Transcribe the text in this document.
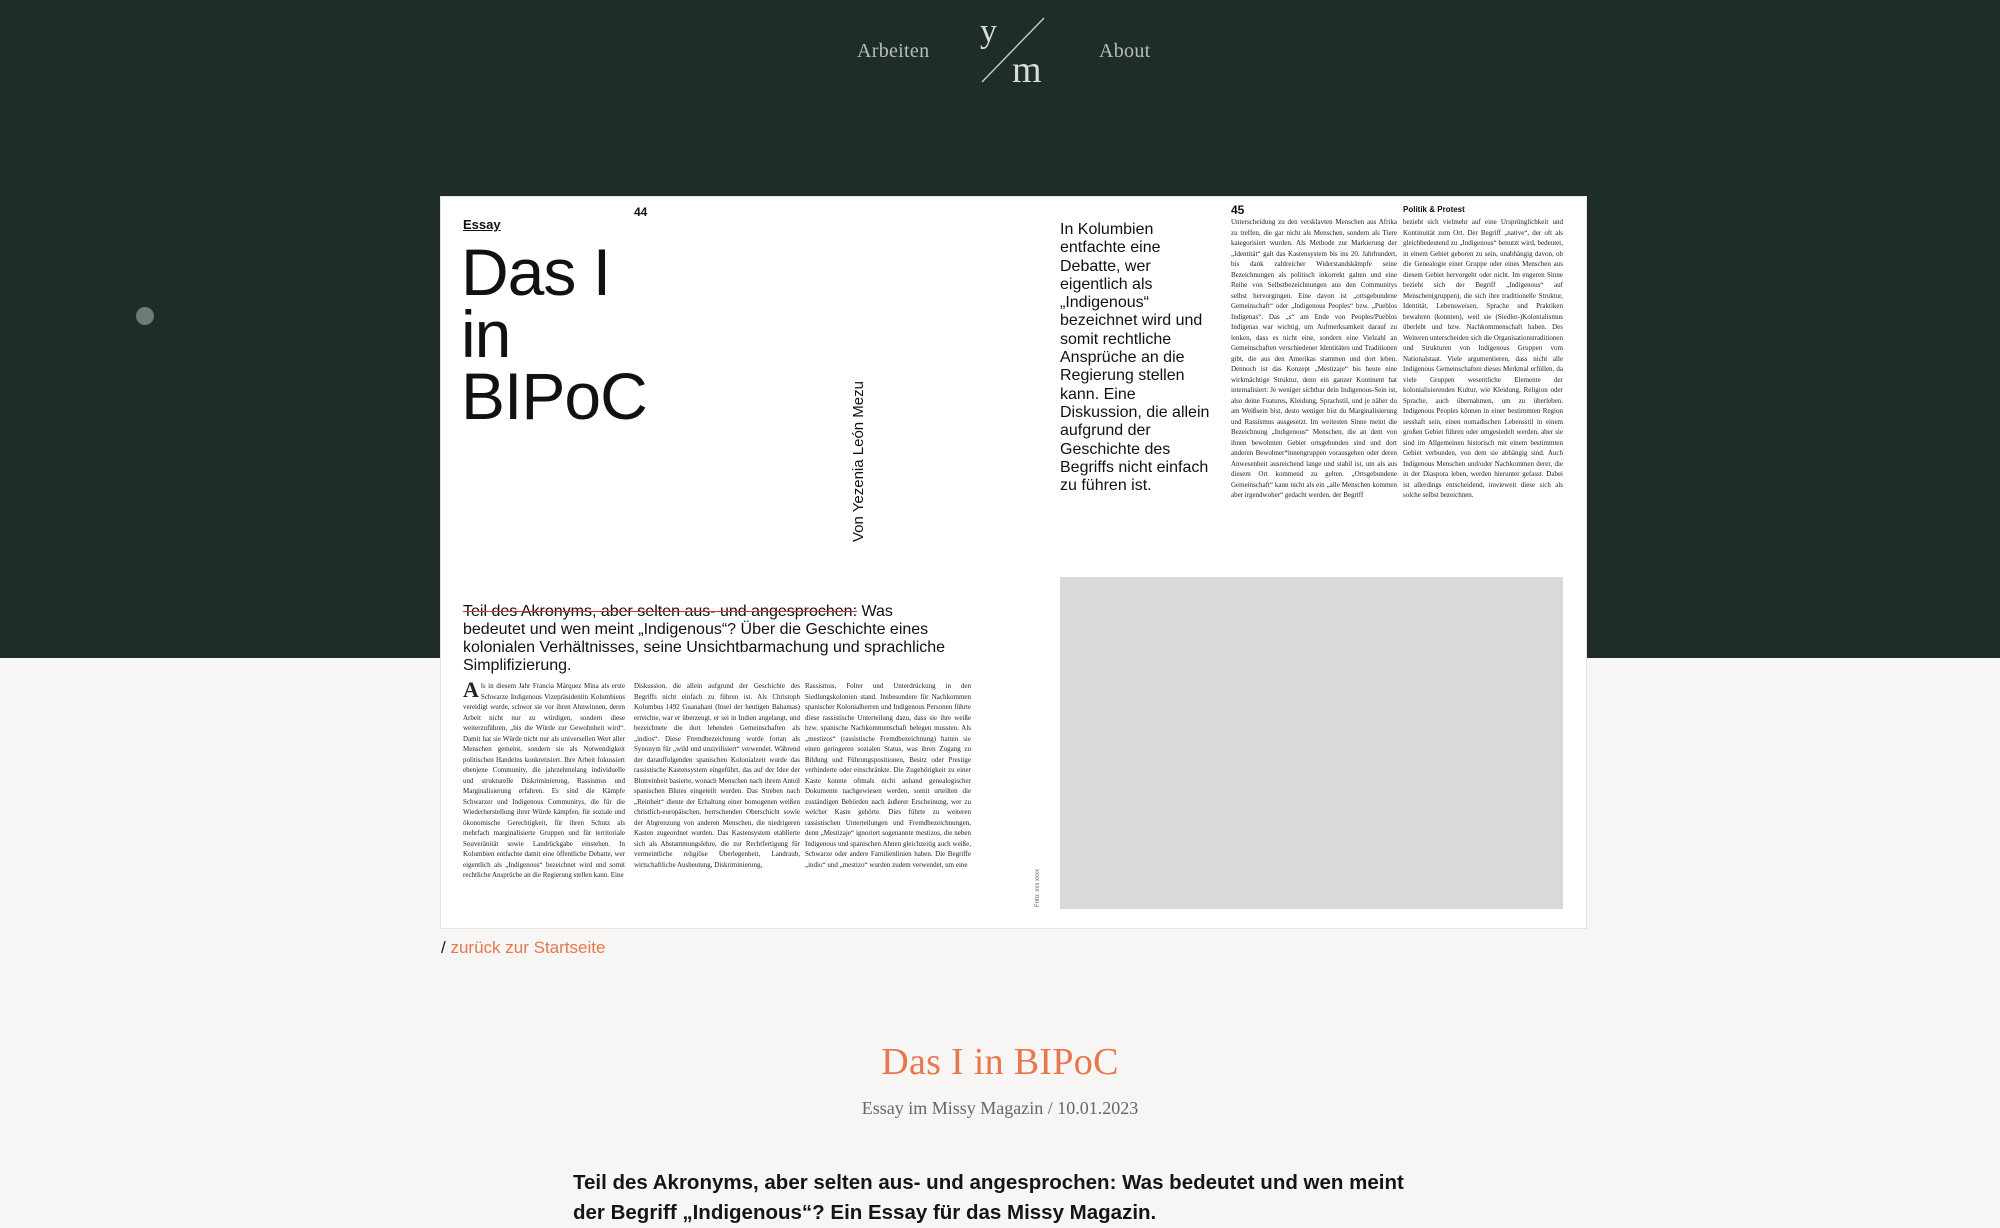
Arbeiten
y
m	About
Essay
44
Das I
in
BIPoC	Von Yezenia León Mezu
Teil des Akronyms, aber selten aus- und angesprochen: Was bedeutet und wen meint „Indigenous“? Über die Geschichte eines kolonialen Verhältnisses, seine Unsichtbarmachung und sprachliche Simplifizierung.
Als in diesem Jahr Francia Márquez Mina als erste Schwarze Indigenous Vizepräsidentin Kolumbiens vereidigt wurde, schwor sie vor ihren Ahnwinnen, deren Arbeit nicht nur zu würdigen, sondern diese weiterzuführen, „bis die Würde zur Gewohnheit wird“. Damit hat sie Würde nicht nur als universellen Wert aller Menschen gemeint, sondern sie als Notwendigkeit politischen Handelns konkretisiert. Ihre Arbeit fokussiert ebenjene Community, die jahrzehntelang individuelle und strukturelle Diskriminierung, Rassismus und Marginalisierung erfahren. Es sind die Kämpfe Schwarzer und Indigenous Communitys, die für die Wiederherstellung ihrer Würde kämpfen, für soziale und ökonomische Gerechtigkeit, für ihren Schutz als mehrfach marginalisierte Gruppen und für territoriale Souveränität sowie Landrückgabe einstehen. In Kolumbien entfachte damit eine öffentliche Debatte, wer eigentlich als „Indigenous“ bezeichnet wird und somit rechtliche Ansprüche an die Regierung stellen kann. Eine
Diskussion, die allein aufgrund der Geschichte des Begriffs nicht einfach zu führen ist. Als Christoph Kolumbus 1492 Guanahani (Insel der heutigen Bahamas) erreichte, war er überzeugt, er sei in Indien angelangt, und bezeichnete die dort lebenden Gemeinschaften als „indios“. Diese Fremdbezeichnung wurde fortan als Synonym für „wild und unzivilisiert“ verwendet. Während der darauffolgenden spanischen Kolonialzeit wurde das rassistische Kastensystem eingeführt, das auf der Idee der Blutreinheit basierte, wonach Menschen nach ihrem Anteil spanischen Blutes eingeteilt wurden. Das Streben nach „Reinheit“ diente der Erhaltung einer homogenen weißen christlich-europäischen, herrschenden Oberschicht sowie der Abgrenzung von anderen Menschen, die niedrigeren Kasten zugeordnet wurden. Das Kastensystem etablierte sich als Abstammungslehre, die zur Rechtfertigung für vermeintliche religiöse Überlegenheit, Landraub, wirtschaftliche Ausbeutung, Diskriminierung,
Rassismus, Folter und Unterdrückung in den Siedlungskolonien stand. Insbesondere für Nachkommen spanischer Kolonialherren und Indigenous Personen führte diese rassistische Unterteilung dazu, dass sie ihre weiße bzw. spanische Nachkommenschaft belegen mussten. Als „mestizos“ (rassistische Fremdbezeichnung) hatten sie einen geringeren sozialen Status, was ihren Zugang zu Bildung und Führungspositionen, Besitz oder Prestige verhinderte oder einschränkte. Die Zugehörigkeit zu einer Kaste konnte oftmals nicht anhand genealogischer Dokumente nachgewiesen werden, somit urteilten die zuständigen Behörden nach äußerer Erscheinung, wer zu welcher Kaste gehörte. Dies führte zu weiteren rassistischen Unterteilungen und Fremdbezeichnungen, denn „Mestizaje“ ignoriert sogenannte mestizos, die neben Indigenous und spanischen Ahnen gleichzeitig auch weiße, Schwarze oder andere Familienlinien haben. Die Begriffe „indio“ und „mestizo“ wurden zudem verwendet, um eine
Foto: xxx xxxx
In Kolumbien entfachte eine Debatte, wer eigentlich als „Indigenous“ bezeichnet wird und somit rechtliche Ansprüche an die Regierung stellen kann. Eine Diskussion, die allein aufgrund der Geschichte des Begriffs nicht einfach zu führen ist.
45
Unterscheidung zu den versklavten Menschen aus Afrika zu treffen, die gar nicht als Menschen, sondern als Tiere kategorisiert wurden. Als Methode zur Markierung der „Identität“ galt das Kastensystem bis ins 20. Jahrhundert, bis dank zahlreicher Widerstandskämpfe seine Bezeichnungen als politisch inkorrekt galten und eine Reihe von Selbstbezeichnungen aus den Communitys selbst hervorgingen. Eine davon ist „ortsgebundene Gemeinschaft“ oder „Indigenous Peoples“ bzw. „Pueblos Indígenas“. Das „s“ am Ende von Peoples/Pueblos Indígenas war wichtig, um Aufmerksamkeit darauf zu lenken, dass es nicht eine, sondern eine Vielzahl an Gemeinschaften verschiedener Identitäten und Traditionen gibt, die aus den Amerikas stammen und dort leben. Dennoch ist das Konzept „Mestizaje“ bis heute eine wirkmächtige Struktur, denn ein ganzer Kontinent hat internalisiert: Je weniger sichtbar dein Indigenous-Sein ist, also deine Features, Kleidung, Sprachstil, und je näher du am Weißsein bist, desto weniger bist du Marginalisierung und Rassismus ausgesetzt. Im weitesten Sinne meint die Bezeichnung „Indigenous“ Menschen, die an dem von ihnen bewohnten Gebiet ortsgebunden sind und dort anderen Bewohner*innengruppen vorausgehen oder deren Anwesenheit ausreichend lange und stabil ist, um als aus diesem Ort kommend zu gelten. „Ortsgebundene Gemeinschaft“ kann nicht als ein „alle Menschen kommen aber irgendwoher“ gedacht werden, der Begriff
Politik & Protest
bezieht sich vielmehr auf eine Ursprünglichkeit und Kontinuität zum Ort. Der Begriff „native“, der oft als gleichbedeutend zu „Indigenous“ benutzt wird, bedeutet, in einem Gebiet geboren zu sein, unabhängig davon, ob die Genealogie einer Gruppe oder eines Menschen aus diesem Gebiet hervorgeht oder nicht. Im engeren Sinne bezieht sich der Begriff „Indigenous“ auf Menschen(gruppen), die sich ihre traditionelle Struktur, Identität, Lebensweisen, Sprache und Praktiken bewahren (konnten), weil sie (Siedler-)Kolonialismus überlebt und bzw. Nachkommenschaft haben. Des Weiteren unterscheiden sich die Organisationstraditionen und Strukturen von Indigenous Gruppen vom Nationalstaat. Viele argumentieren, dass nicht alle Indigenous Gemeinschaften dieses Merkmal erfüllen, da viele Gruppen wesentliche Elemente der kolonialisierenden Kultur, wie Kleidung, Religion oder Sprache, auch übernahmen, um zu überleben. Indigenous Peoples können in einer bestimmten Region sesshaft sein, einen nomadischen Lebensstil in einem großen Gebiet führen oder umgesiedelt werden, aber sie sind im Allgemeinen historisch mit einem bestimmten Gebiet verbunden, von dem sie abhängig sind. Auch Indigenous Menschen und/oder Nachkommen derer, die in der Diaspora leben, werden hierunter gefasst. Dabei ist allerdings entscheidend, inwieweit diese sich als solche selbst bezeichnen.
/ zurück zur Startseite
Das I in BIPoC
Essay im Missy Magazin / 10.01.2023
Teil des Akronyms, aber selten aus- und angesprochen: Was bedeutet und wen meint der Begriff „Indigenous“? Ein Essay für das Missy Magazin.
